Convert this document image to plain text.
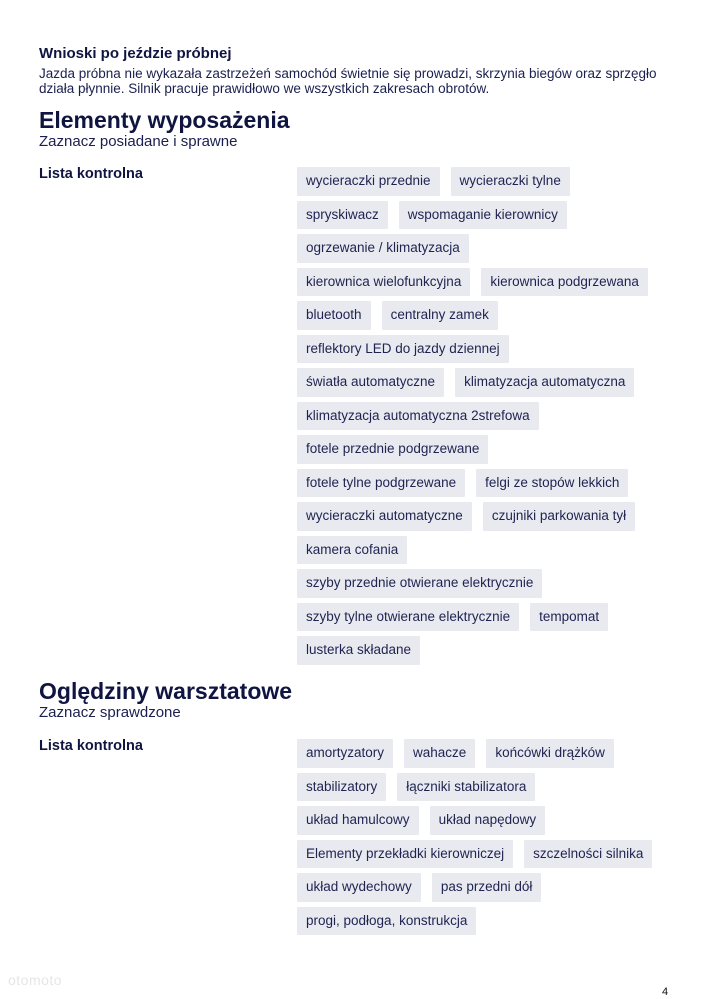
Wnioski po jeździe próbnej
Jazda próbna nie wykazała zastrzeżeń samochód świetnie się prowadzi, skrzynia biegów oraz sprzęgło działa płynnie. Silnik pracuje prawidłowo we wszystkich zakresach obrotów.
Elementy wyposażenia
Zaznacz posiadane i sprawne
Lista kontrolna	wycieraczki przednie	wycieraczki tylne
spryskiwacz	wspomaganie kierownicy
ogrzewanie / klimatyzacja
kierownica wielofunkcyjna	kierownica podgrzewana
bluetooth	centralny zamek
reflektory LED do jazdy dziennej
światła automatyczne	klimatyzacja automatyczna
klimatyzacja automatyczna 2strefowa
fotele przednie podgrzewane
fotele tylne podgrzewane	felgi ze stopów lekkich
wycieraczki automatyczne	czujniki parkowania tył
kamera cofania
szyby przednie otwierane elektrycznie
szyby tylne otwierane elektrycznie	tempomat
lusterka składane
Oględziny warsztatowe
Zaznacz sprawdzone
Lista kontrolna	amortyzatory	wahacze	końcówki drążków
stabilizatory	łączniki stabilizatora
układ hamulcowy	układ napędowy
Elementy przekładki kierowniczej	szczelności silnika
układ wydechowy	pas przedni dół
progi, podłoga, konstrukcja
otomoto
4
